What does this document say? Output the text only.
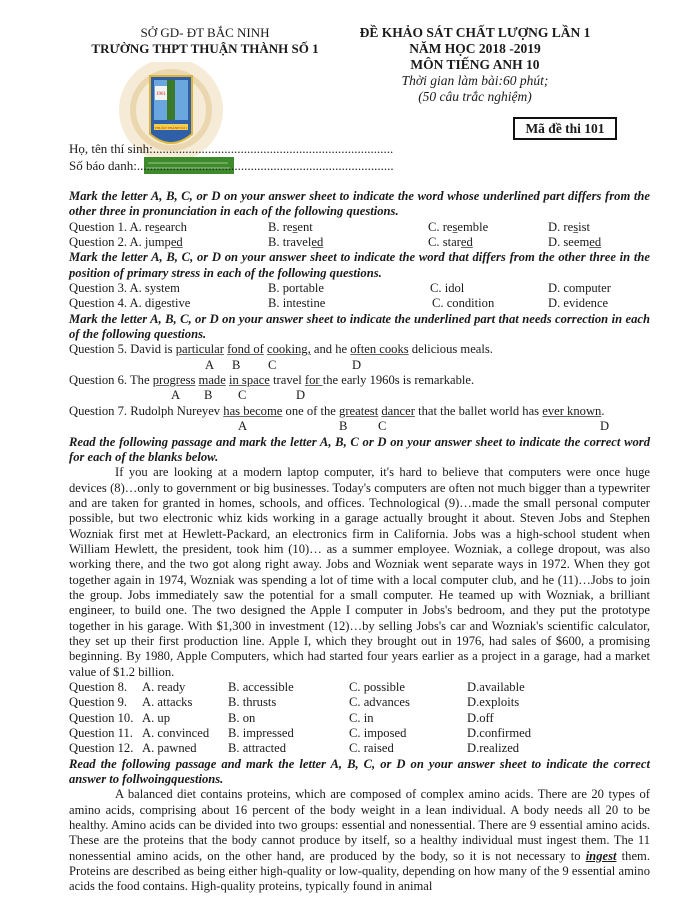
SỞ GD- ĐT BẮC NINH
TRƯỜNG THPT THUẬN THÀNH SỐ 1
ĐỀ KHẢO SÁT CHẤT LƯỢNG LẦN 1
NĂM HỌC 2018 -2019
MÔN TIẾNG ANH 10
Thời gian làm bài:60 phút;
(50 câu trắc nghiệm)
1961
THUẬN THÀNH SỐ 1	Mã đề thi 101
Họ, tên thí sinh:..........................................................................
Số báo danh:...............................................................................
Mark the letter A, B, C, or D on your answer sheet to indicate the word whose underlined part differs from the other three in pronunciation in each of the following questions.
Question 1. A. research	B. resent	C. resemble	D. resist
Question 2. A. jumped	B. traveled	C. stared	D. seemed
Mark the letter A, B, C, or D on your answer sheet to indicate the word that differs from the other three in the position of primary stress in each of the following questions.
Question 3. A. system	B. portable	C. idol	D. computer
Question 4. A. digestive	B. intestine	C. condition	D. evidence
Mark the letter A, B, C, or D on your answer sheet to indicate the underlined part that needs correction in each of the following questions.
Question 5. David is particular fond of cooking, and he often cooks delicious meals.
A B C	D
Question 6. The progress made in space travel for the early 1960s is remarkable.
A B C	D
Question 7. Rudolph Nureyev has become one of the greatest dancer that the ballet world has ever known.
A	B C	D
Read the following passage and mark the letter A, B, C or D on your answer sheet to indicate the correct word for each of the blanks below.
If you are looking at a modern laptop computer, it's hard to believe that computers were once huge devices (8)…only to government or big businesses. Today's computers are often not much bigger than a typewriter and are taken for granted in homes, schools, and offices. Technological (9)…made the small personal computer possible, but two electronic whiz kids working in a garage actually brought it about. Steven Jobs and Stephen Wozniak first met at Hewlett-Packard, an electronics firm in California. Jobs was a high-school student when William Hewlett, the president, took him (10)… as a summer employee. Wozniak, a college dropout, was also working there, and the two got along right away. Jobs and Wozniak went separate ways in 1972. When they got together again in 1974, Wozniak was spending a lot of time with a local computer club, and he (11)…Jobs to join the group. Jobs immediately saw the potential for a small computer. He teamed up with Wozniak, a brilliant engineer, to build one. The two designed the Apple I computer in Jobs's bedroom, and they put the prototype together in his garage. With $1,300 in investment (12)…by selling Jobs's car and Wozniak's scientific calculator, they set up their first production line. Apple I, which they brought out in 1976, had sales of $600, a promising beginning. By 1980, Apple Computers, which had started four years earlier as a project in a garage, had a market value of $1.2 billion.
Question 8. A. ready	B. accessible	C. possible	D.available
Question 9. A. attacks	B. thrusts	C. advances	D.exploits
Question 10. A. up	B. on	C. in	D.off
Question 11. A. convinced B. impressed	C. imposed	D.confirmed
Question 12. A. pawned B. attracted	C. raised	D.realized
Read the following passage and mark the letter A, B, C, or D on your answer sheet to indicate the correct answer to follwoingquestions.
A balanced diet contains proteins, which are composed of complex amino acids. There are 20 types of amino acids, comprising about 16 percent of the body weight in a lean individual. A body needs all 20 to be healthy. Amino acids can be divided into two groups: essential and nonessential. There are 9 essential amino acids. These are the proteins that the body cannot produce by itself, so a healthy individual must ingest them. The 11 nonessential amino acids, on the other hand, are produced by the body, so it is not necessary to ingest them. Proteins are described as being either high-quality or low-quality, depending on how many of the 9 essential amino acids the food contains. High-quality proteins, typically found in animal
